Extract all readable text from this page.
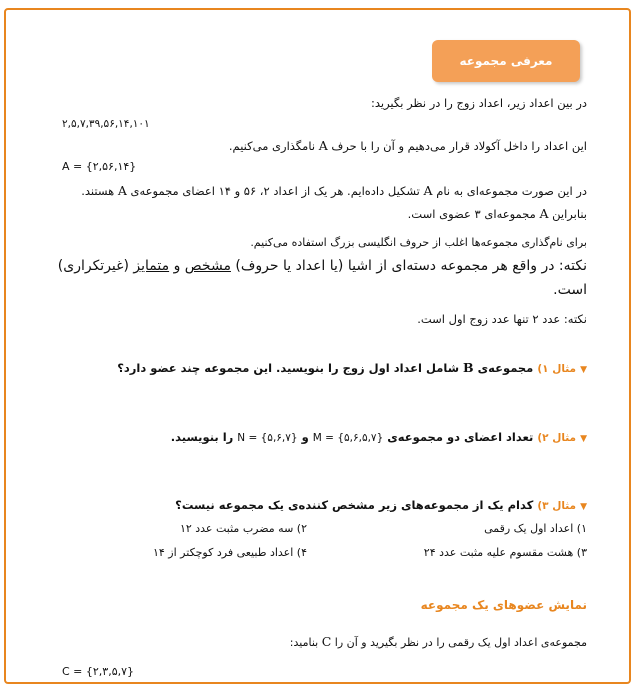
معرفی مجموعه
در بین اعداد زیر، اعداد زوج را در نظر بگیرید:
۲,۵,۷,۳۹,۵۶,۱۴,۱۰۱
این اعداد را داخل آکولاد قرار می‌دهیم و آن را با حرف A نامگذاری می‌کنیم.
A = {۲,۵۶,۱۴}
در این صورت مجموعه‌ای به نام A تشکیل داده‌ایم. هر یک از اعداد ۲، ۵۶ و ۱۴ اعضای مجموعه‌ی A هستند.
بنابراین A مجموعه‌ای ۳ عضوی است.
برای نام‌گذاری مجموعه‌ها اغلب از حروف انگلیسی بزرگ استفاده می‌کنیم.
نکته: در واقع هر مجموعه دسته‌ای از اشیا (یا اعداد یا حروف) مشخص و متمایز (غیرتکراری)
است.
نکته: عدد ۲ تنها عدد زوج اول است.
▼ مثال ۱) مجموعه‌ی B شامل اعداد اول زوج را بنویسید. این مجموعه چند عضو دارد؟
▼ مثال ۲) تعداد اعضای دو مجموعه‌ی M = {۵,۶,۵,۷} و N = {۵,۶,۷} را بنویسید.
▼ مثال ۳) کدام یک از مجموعه‌های زیر مشخص کننده‌ی یک مجموعه نیست؟
۱) اعداد اول یک رقمی
۲) سه مضرب مثبت عدد ۱۲
۳) هشت مقسوم علیه مثبت عدد ۲۴
۴) اعداد طبیعی فرد کوچکتر از ۱۴
نمایش عضوهای یک مجموعه
مجموعه‌ی اعداد اول یک رقمی را در نظر بگیرید و آن را C بنامید:
C = {۲,۳,۵,۷}
